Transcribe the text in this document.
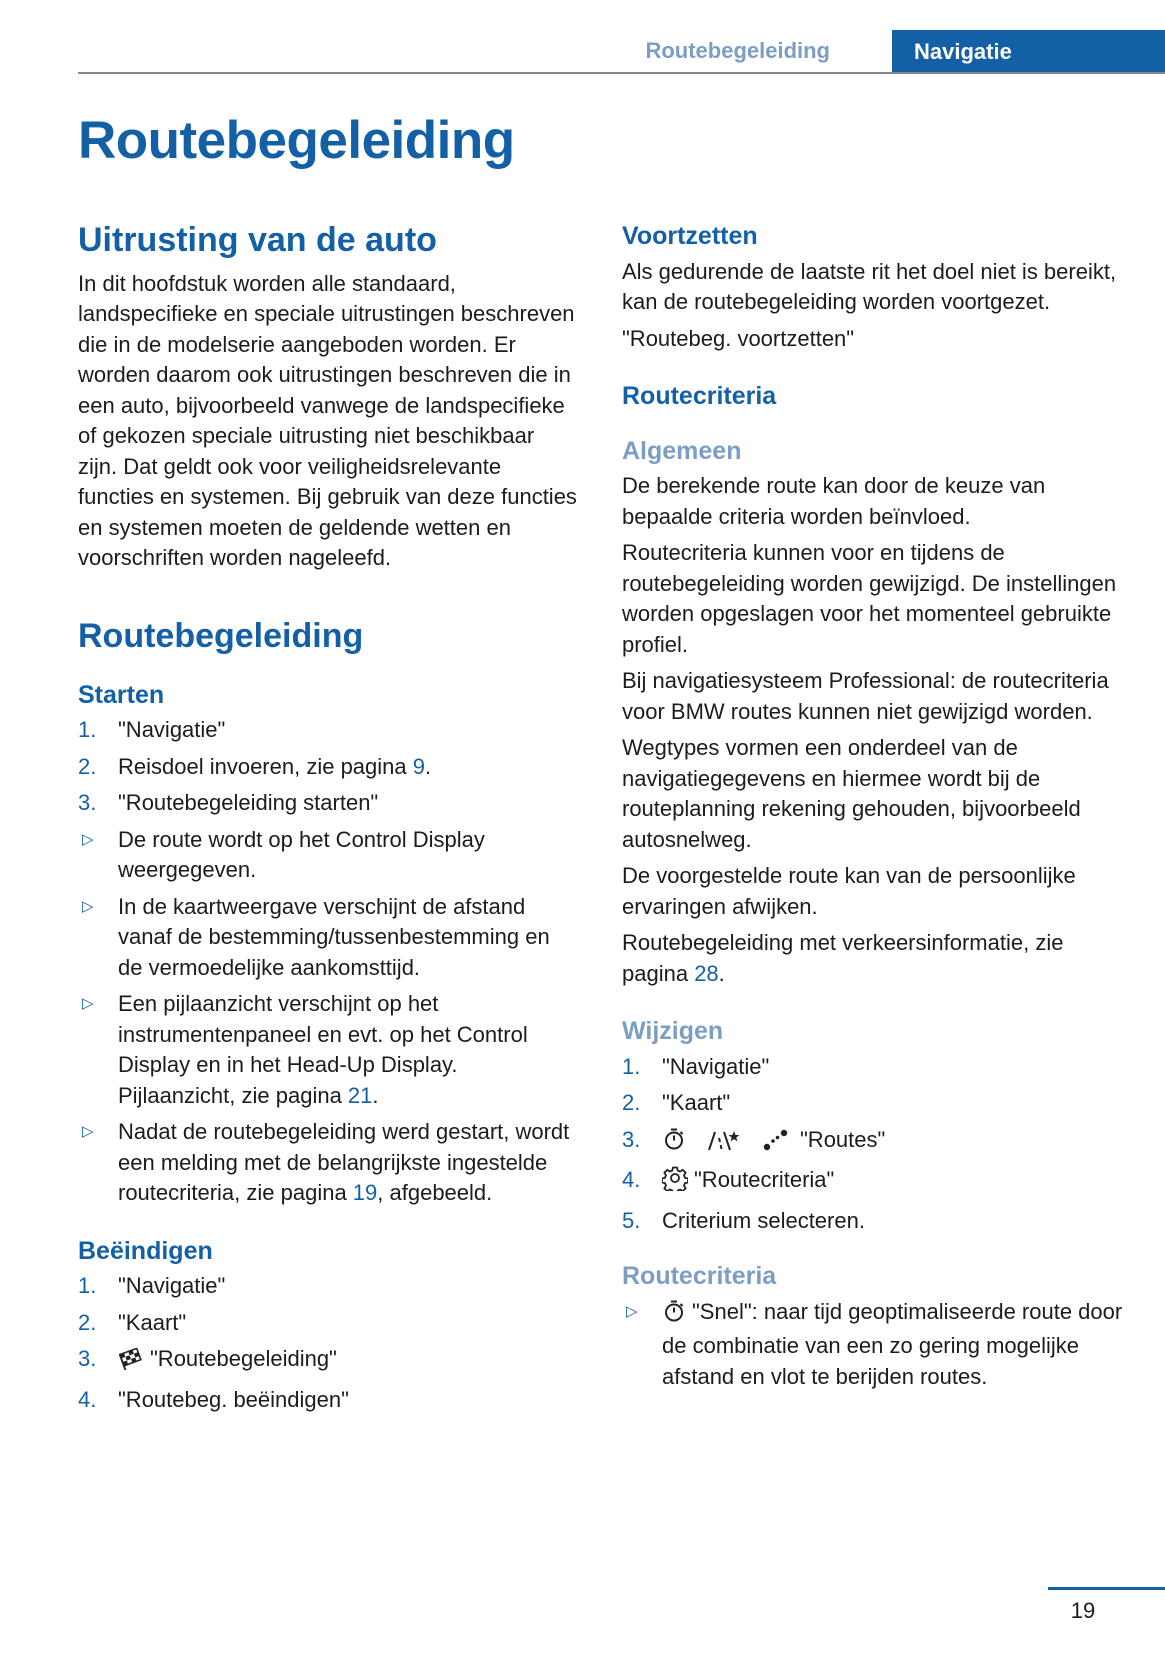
Routebegeleiding	Navigatie
Routebegeleiding
Uitrusting van de auto

In dit hoofdstuk worden alle standaard, landspecifieke en speciale uitrustingen beschreven die in de modelserie aangeboden worden. Er worden daarom ook uitrustingen beschreven die in een auto, bijvoorbeeld vanwege de landspecifieke of gekozen speciale uitrusting niet beschikbaar zijn. Dat geldt ook voor veiligheidsrelevante functies en systemen. Bij gebruik van deze functies en systemen moeten de geldende wetten en voorschriften worden nageleefd.

Routebegeleiding
Starten
1. "Navigatie"
2. Reisdoel invoeren, zie pagina 9.
3. "Routebegeleiding starten"
▷ De route wordt op het Control Display weergegeven.
▷ In de kaartweergave verschijnt de afstand vanaf de bestemming/tussenbestemming en de vermoedelijke aankomsttijd.
▷ Een pijlaanzicht verschijnt op het instrumentenpaneel en evt. op het Control Display en in het Head-Up Display. Pijlaanzicht, zie pagina 21.
▷ Nadat de routebegeleiding werd gestart, wordt een melding met de belangrijkste ingestelde routecriteria, zie pagina 19, afgebeeld.
Beëindigen
1. "Navigatie"
2. "Kaart"
3. "Routebegeleiding"
4. "Routebeg. beëindigen"
Voortzetten

Als gedurende de laatste rit het doel niet is bereikt, kan de routebegeleiding worden voortgezet.

"Routebeg. voortzetten"

Routecriteria
Algemeen

De berekende route kan door de keuze van bepaalde criteria worden beïnvloed.

Routecriteria kunnen voor en tijdens de routebegeleiding worden gewijzigd. De instellingen worden opgeslagen voor het momenteel gebruikte profiel.

Bij navigatiesysteem Professional: de routecriteria voor BMW routes kunnen niet gewijzigd worden.

Wegtypes vormen een onderdeel van de navigatiegegevens en hiermee wordt bij de routeplanning rekening gehouden, bijvoorbeeld autosnelweg.

De voorgestelde route kan van de persoonlijke ervaringen afwijken.

Routebegeleiding met verkeersinformatie, zie pagina 28.

Wijzigen
1. "Navigatie"
2. "Kaart"
3.	"Routes"
4. "Routecriteria"
5. Criterium selecteren.
Routecriteria
▷ "Snel": naar tijd geoptimaliseerde route door de combinatie van een zo gering mogelijke afstand en vlot te berijden routes.
19
